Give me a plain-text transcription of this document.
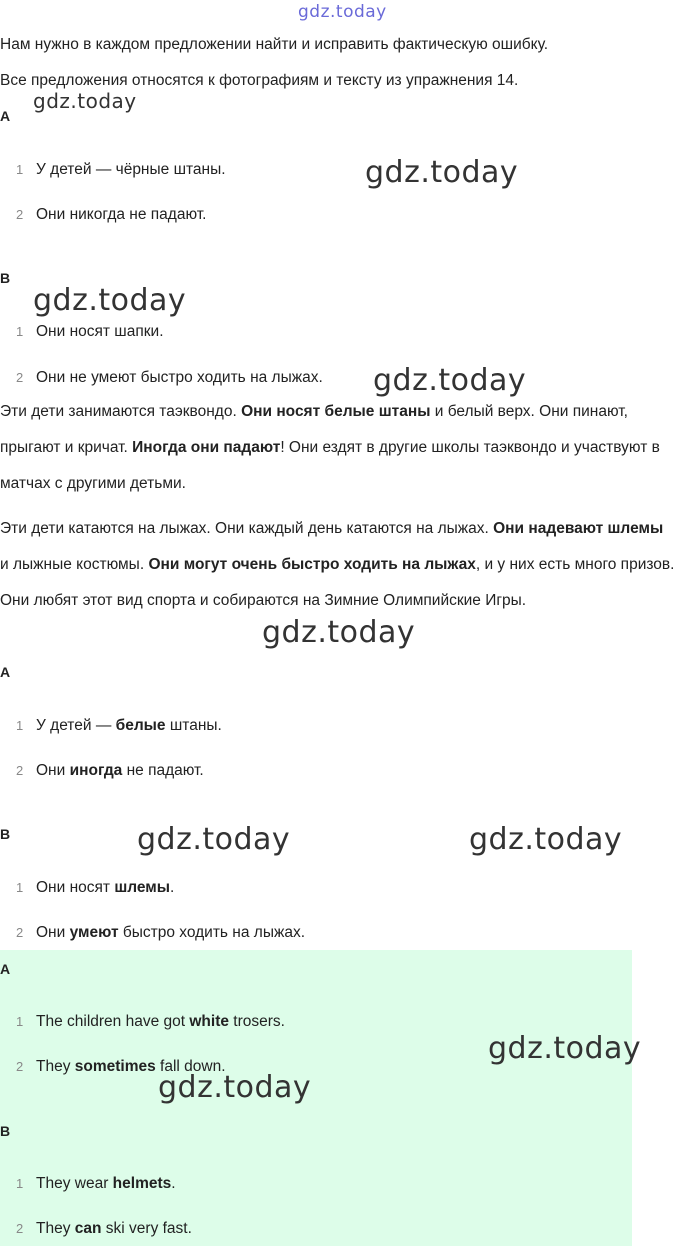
gdz.today

Нам нужно в каждом предложении найти и исправить фактическую ошибку.

Все предложения относятся к фотографиям и тексту из упражнения 14.

A
1 У детей — чёрные штаны.
2 Они никогда не падают.
B
1 Они носят шапки.
2 Они не умеют быстро ходить на лыжах.

Эти дети занимаются таэквондо. Они носят белые штаны и белый верх. Они пинают, прыгают и кричат. Иногда они падают! Они ездят в другие школы таэквондо и участвуют в матчах с другими детьми.

Эти дети катаются на лыжах. Они каждый день катаются на лыжах. Они надевают шлемы и лыжные костюмы. Они могут очень быстро ходить на лыжах, и у них есть много призов. Они любят этот вид спорта и собираются на Зимние Олимпийские Игры.

A
1 У детей — белые штаны.
2 Они иногда не падают.
B
1 Они носят шлемы.
2 Они умеют быстро ходить на лыжах.
A
1 The children have got white trosers.
2 They sometimes fall down.
B
1 They wear helmets.
2 They can ski very fast.
gdz.today
gdz.today
gdz.today
gdz.today
gdz.today
gdz.today	gdz.today
gdz.today
gdz.today
